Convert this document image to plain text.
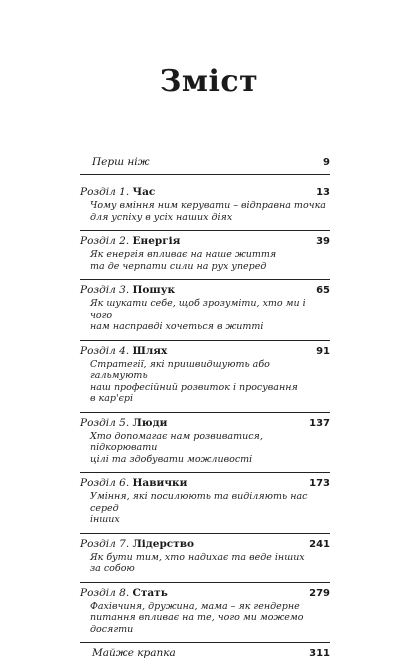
Зміст
Перш ніж	9
Розділ 1. Час	13
Чому вміння ним керувати – відправна точка
для успіху в усіх наших діях
Розділ 2. Енергія	39
Як енергія впливає на наше життя
та де черпати сили на рух уперед
Розділ 3. Пошук	65
Як шукати себе, щоб зрозуміти, хто ми і чого
нам насправді хочеться в житті
Розділ 4. Шлях	91
Стратегії, які пришвидшують або гальмують
наш професійний розвиток і просування
в кар'єрі
Розділ 5. Люди	137
Хто допомагає нам розвиватися, підкорювати
цілі та здобувати можливості
Розділ 6. Навички	173
Уміння, які посилюють та виділяють нас серед
інших
Розділ 7. Лідерство	241
Як бути тим, хто надихає та веде інших
за собою
Розділ 8. Стать	279
Фахівчиня, дружина, мама – як гендерне
питання впливає на те, чого ми можемо
досягти
Майже крапка	311
